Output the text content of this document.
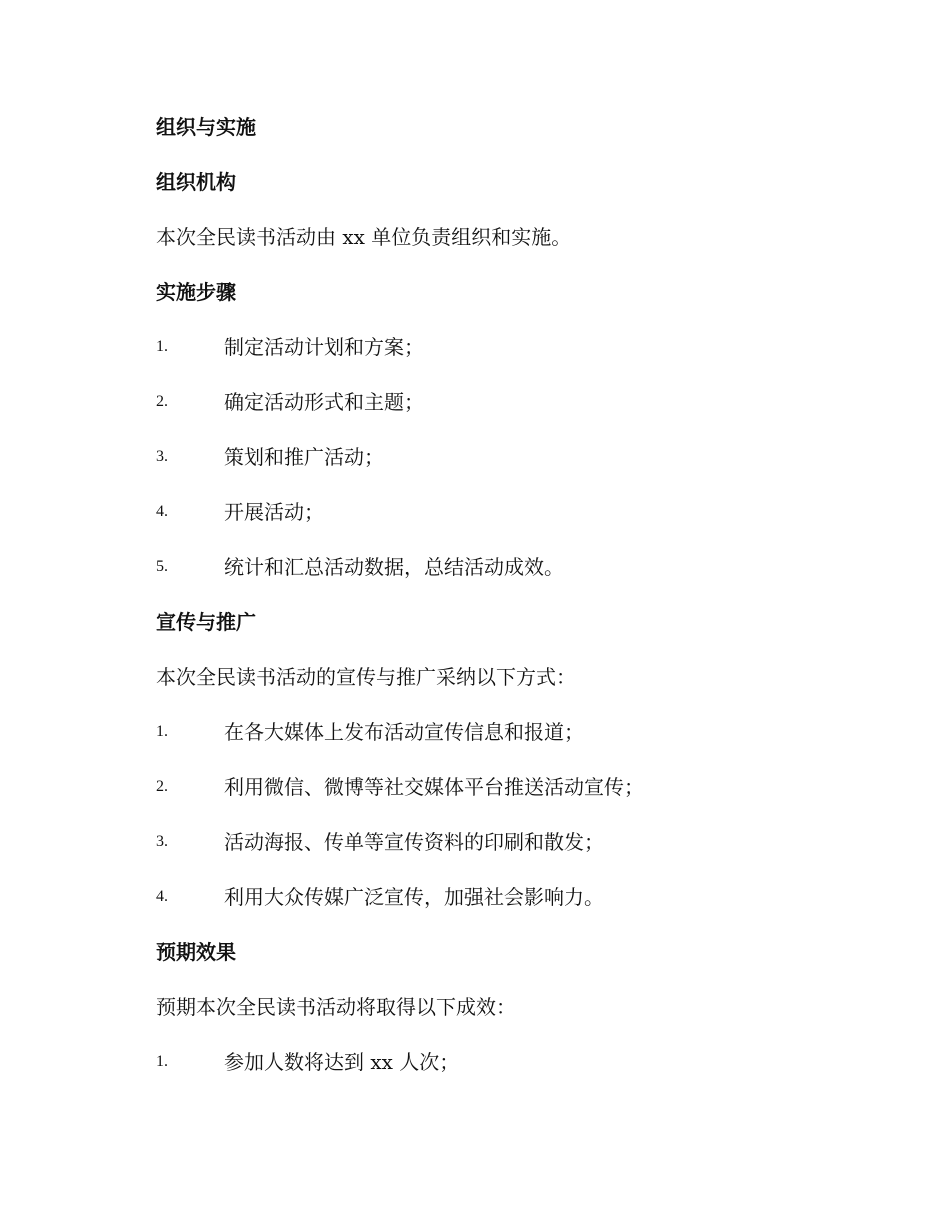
组织与实施
组织机构
本次全民读书活动由 xx 单位负责组织和实施。
实施步骤
1.	制定活动计划和方案；
2.	确定活动形式和主题；
3.	策划和推广活动；
4.	开展活动；
5.	统计和汇总活动数据，总结活动成效。
宣传与推广
本次全民读书活动的宣传与推广采纳以下方式：
1.	在各大媒体上发布活动宣传信息和报道；
2.	利用微信、微博等社交媒体平台推送活动宣传；
3.	活动海报、传单等宣传资料的印刷和散发；
4.	利用大众传媒广泛宣传，加强社会影响力。
预期效果
预期本次全民读书活动将取得以下成效：
1.	参加人数将达到 xx 人次；
